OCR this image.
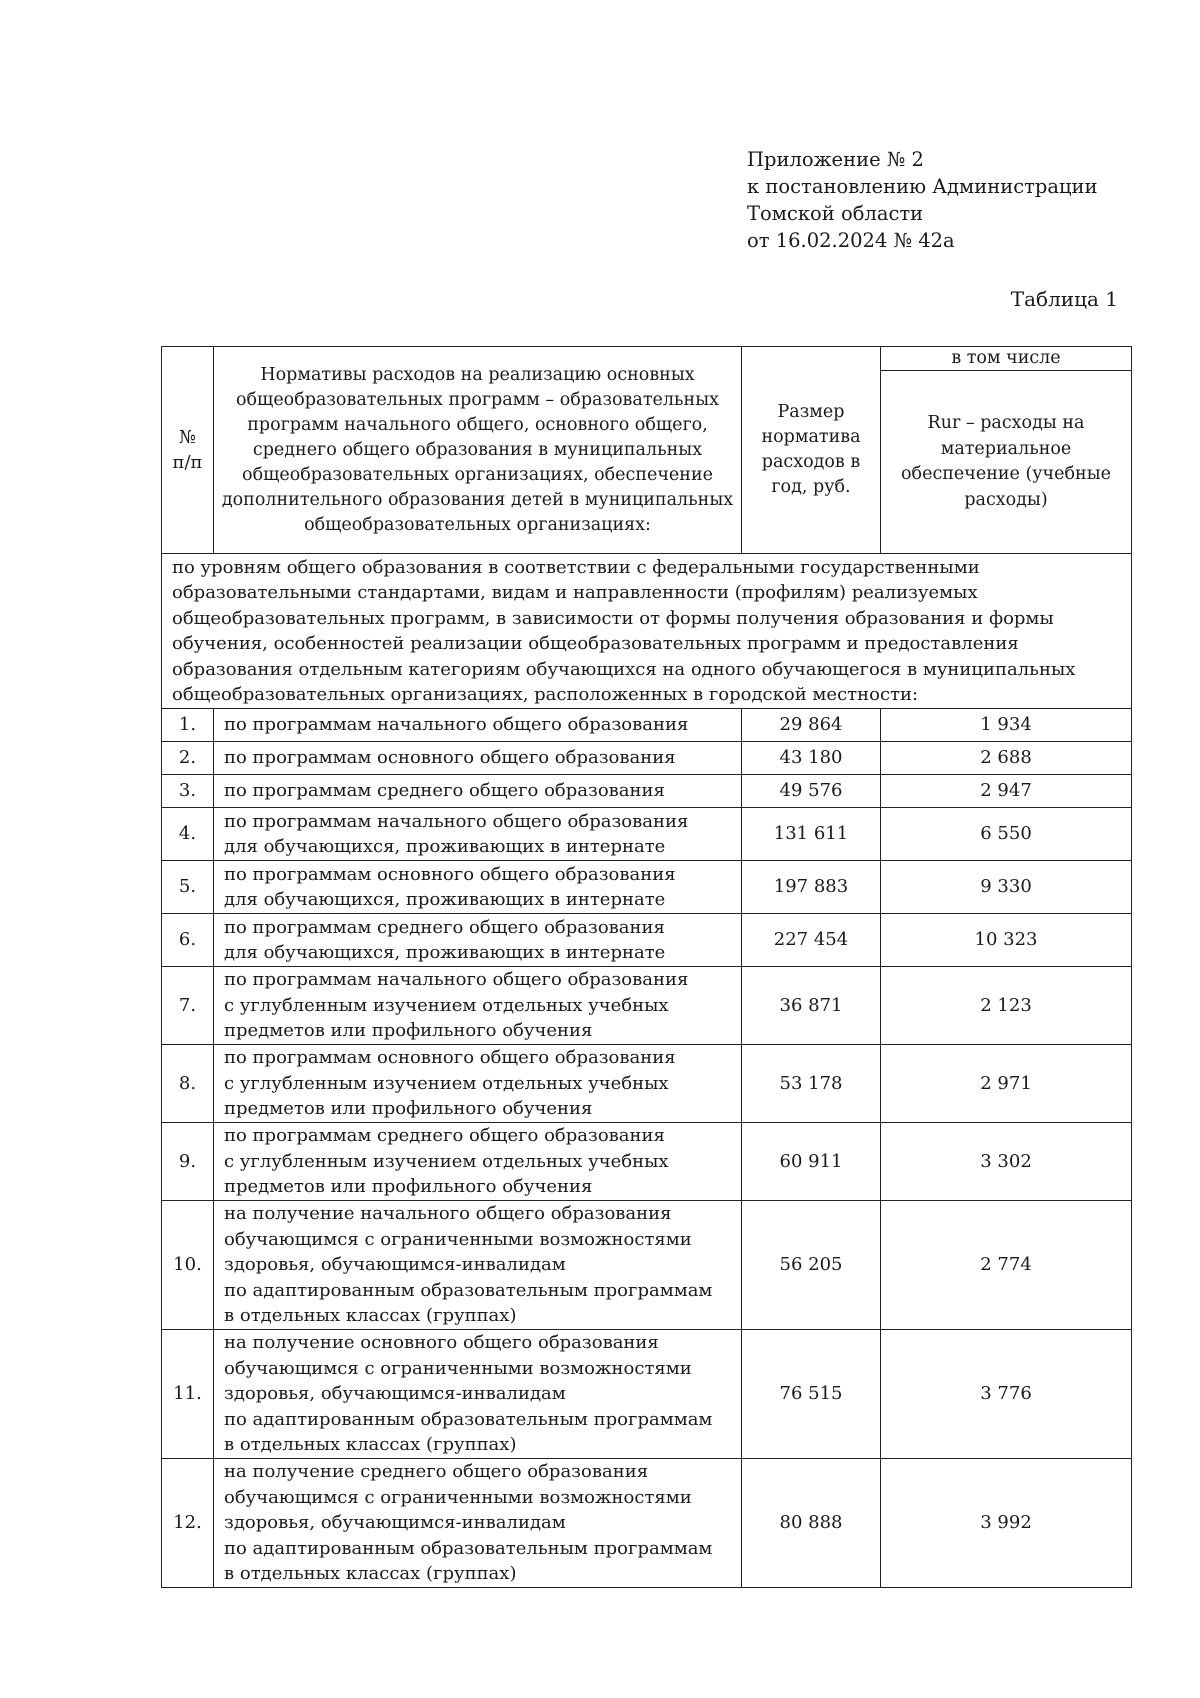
Приложение № 2
к постановлению Администрации
Томской области
от 16.02.2024 № 42а
Таблица 1
№
п/п	Нормативы расходов на реализацию основных общеобразовательных программ – образовательных программ начального общего, основного общего, среднего общего образования в муниципальных общеобразовательных организациях, обеспечение дополнительного образования детей в муниципальных общеобразовательных организациях:	Размер норматива расходов в год, руб.	в том числе
			Rur – расходы на материальное обеспечение (учебные расходы)
по уровням общего образования в соответствии с федеральными государственными образовательными стандартами, видам и направленности (профилям) реализуемых общеобразовательных программ, в зависимости от формы получения образования и формы обучения, особенностей реализации общеобразовательных программ и предоставления образования отдельным категориям обучающихся на одного обучающегося в муниципальных общеобразовательных организациях, расположенных в городской местности:			
1.	по программам начального общего образования	29 864	1 934
2.	по программам основного общего образования	43 180	2 688
3.	по программам среднего общего образования	49 576	2 947
4.	по программам начального общего образования
для обучающихся, проживающих в интернате	131 611	6 550
5.	по программам основного общего образования
для обучающихся, проживающих в интернате	197 883	9 330
6.	по программам среднего общего образования
для обучающихся, проживающих в интернате	227 454	10 323
7.	по программам начального общего образования
с углубленным изучением отдельных учебных
предметов или профильного обучения	36 871	2 123
8.	по программам основного общего образования
с углубленным изучением отдельных учебных
предметов или профильного обучения	53 178	2 971
9.	по программам среднего общего образования
с углубленным изучением отдельных учебных
предметов или профильного обучения	60 911	3 302
10.	на получение начального общего образования
обучающимся с ограниченными возможностями
здоровья, обучающимся-инвалидам
по адаптированным образовательным программам
в отдельных классах (группах)	56 205	2 774
11.	на получение основного общего образования
обучающимся с ограниченными возможностями
здоровья, обучающимся-инвалидам
по адаптированным образовательным программам
в отдельных классах (группах)	76 515	3 776
12.	на получение среднего общего образования
обучающимся с ограниченными возможностями
здоровья, обучающимся-инвалидам
по адаптированным образовательным программам
в отдельных классах (группах)	80 888	3 992
